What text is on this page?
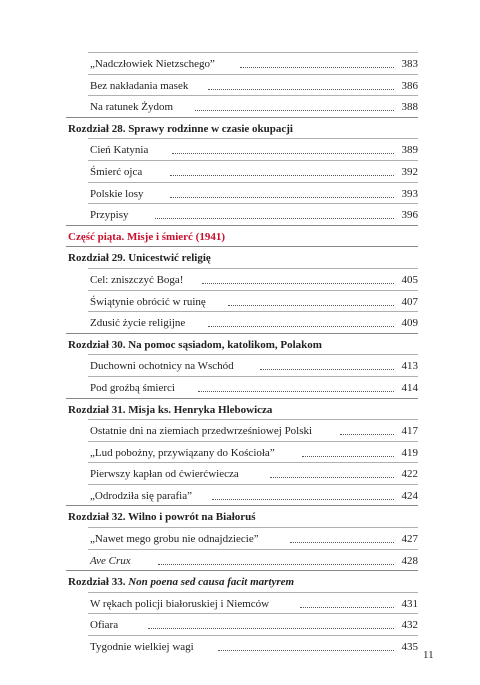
„Nadczłowiek Nietzschego”	383
Bez nakładania masek	386
Na ratunek Żydom	388
Rozdział 28. Sprawy rodzinne w czasie okupacji
Cień Katynia	389
Śmierć ojca	392
Polskie losy	393
Przypisy	396
Część piąta. Misje i śmierć (1941)
Rozdział 29. Unicestwić religię
Cel: zniszczyć Boga!	405
Świątynie obrócić w ruinę	407
Zdusić życie religijne	409
Rozdział 30. Na pomoc sąsiadom, katolikom, Polakom
Duchowni ochotnicy na Wschód	413
Pod groźbą śmierci	414
Rozdział 31. Misja ks. Henryka Hlebowicza
Ostatnie dni na ziemiach przedwrześniowej Polski	417
„Lud pobożny, przywiązany do Kościoła”	419
Pierwszy kapłan od ćwierćwiecza	422
„Odrodziła się parafia”	424
Rozdział 32. Wilno i powrót na Białoruś
„Nawet mego grobu nie odnajdziecie”	427
Ave Crux	428
Rozdział 33. Non poena sed causa facit martyrem
W rękach policji białoruskiej i Niemców	431
Ofiara	432
Tygodnie wielkiej wagi	435
11
